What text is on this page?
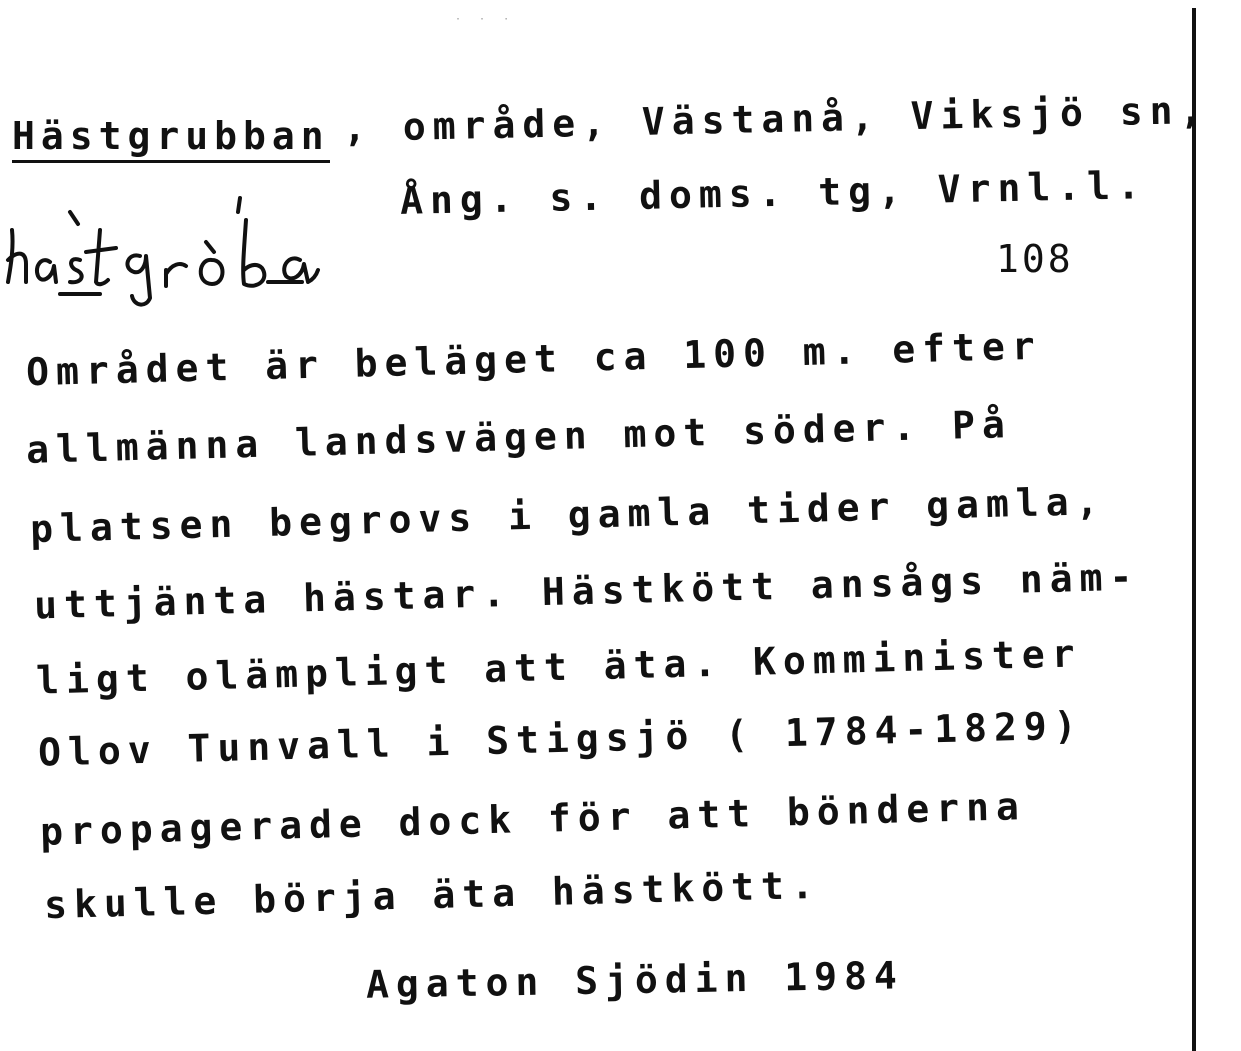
· · ·
Hästgrubban , område, Västanå, Viksjö sn,
Ång. s. doms. tg, Vrnl.l.
108
Området är beläget ca 100 m. efter
allmänna landsvägen mot söder. På
platsen begrovs i gamla tider gamla,
uttjänta hästar. Hästkött ansågs näm-
ligt olämpligt att äta. Komminister
Olov Tunvall i Stigsjö ( 1784-1829)
propagerade dock för att bönderna
skulle börja äta hästkött.
Agaton Sjödin 1984
